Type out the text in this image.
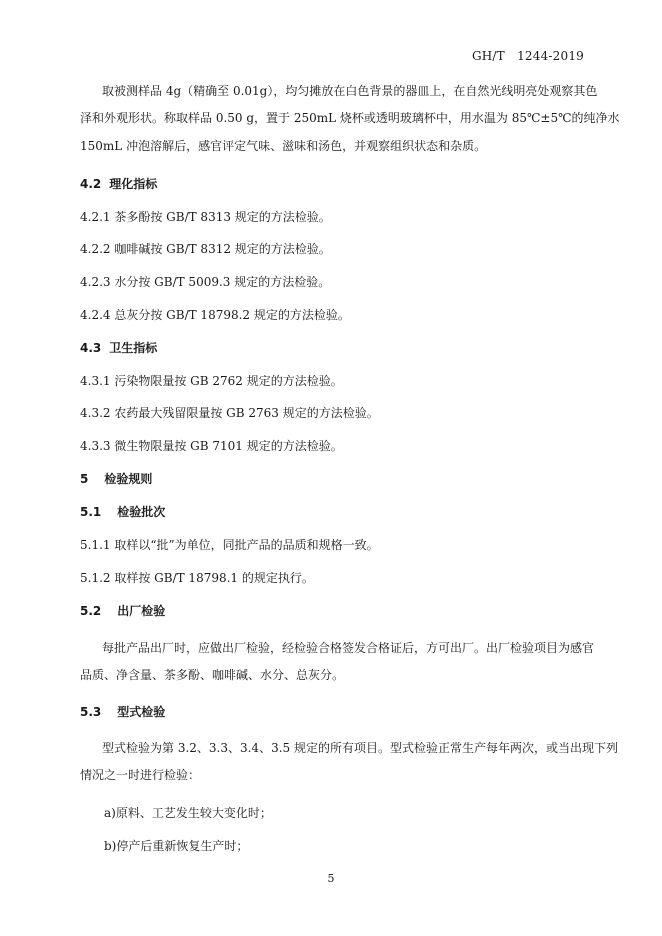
GH/T　1244-2019
取被测样品 4g（精确至 0.01g），均匀摊放在白色背景的器皿上，在自然光线明亮处观察其色
泽和外观形状。称取样品 0.50 g，置于 250mL 烧杯或透明玻璃杯中，用水温为 85℃±5℃的纯净水
150mL 冲泡溶解后，感官评定气味、滋味和汤色，并观察组织状态和杂质。
4.2 理化指标
4.2.1 茶多酚按 GB/T 8313 规定的方法检验。
4.2.2 咖啡碱按 GB/T 8312 规定的方法检验。
4.2.3 水分按 GB/T 5009.3 规定的方法检验。
4.2.4 总灰分按 GB/T 18798.2 规定的方法检验。
4.3 卫生指标
4.3.1 污染物限量按 GB 2762 规定的方法检验。
4.3.2 农药最大残留限量按 GB 2763 规定的方法检验。
4.3.3 微生物限量按 GB 7101 规定的方法检验。
5 检验规则
5.1 检验批次
5.1.1 取样以“批”为单位，同批产品的品质和规格一致。
5.1.2 取样按 GB/T 18798.1 的规定执行。
5.2 出厂检验
每批产品出厂时，应做出厂检验，经检验合格签发合格证后，方可出厂。出厂检验项目为感官
品质、净含量、茶多酚、咖啡碱、水分、总灰分。
5.3 型式检验
型式检验为第 3.2、3.3、3.4、3.5 规定的所有项目。型式检验正常生产每年两次，或当出现下列
情况之一时进行检验：
a)原料、工艺发生较大变化时；
b)停产后重新恢复生产时；
5
